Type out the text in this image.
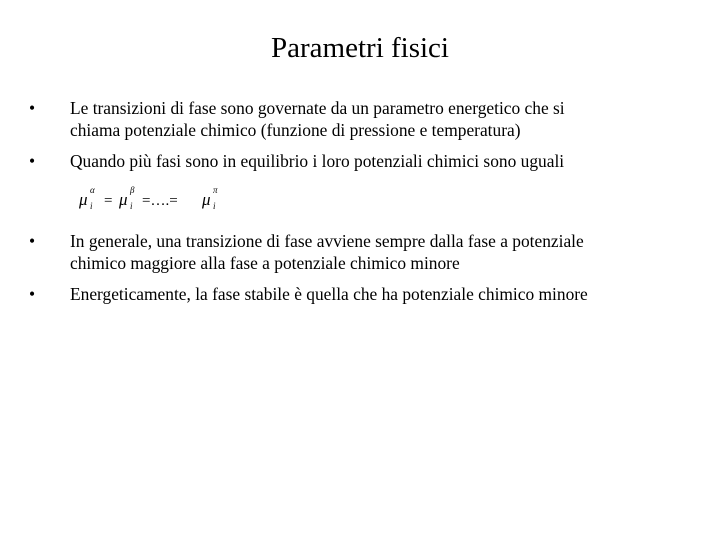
Parametri fisici
•	Le transizioni di fase sono governate da un parametro energetico che si
chiama potenziale chimico (funzione di pressione e temperatura)
•	Quando più fasi sono in equilibrio i loro potenziali chimici sono uguali
μ α
i = μ β
i =….= μ π
i
•	In generale, una transizione di fase avviene sempre dalla fase a potenziale
chimico maggiore alla fase a potenziale chimico minore
•	Energeticamente, la fase stabile è quella che ha potenziale chimico minore
